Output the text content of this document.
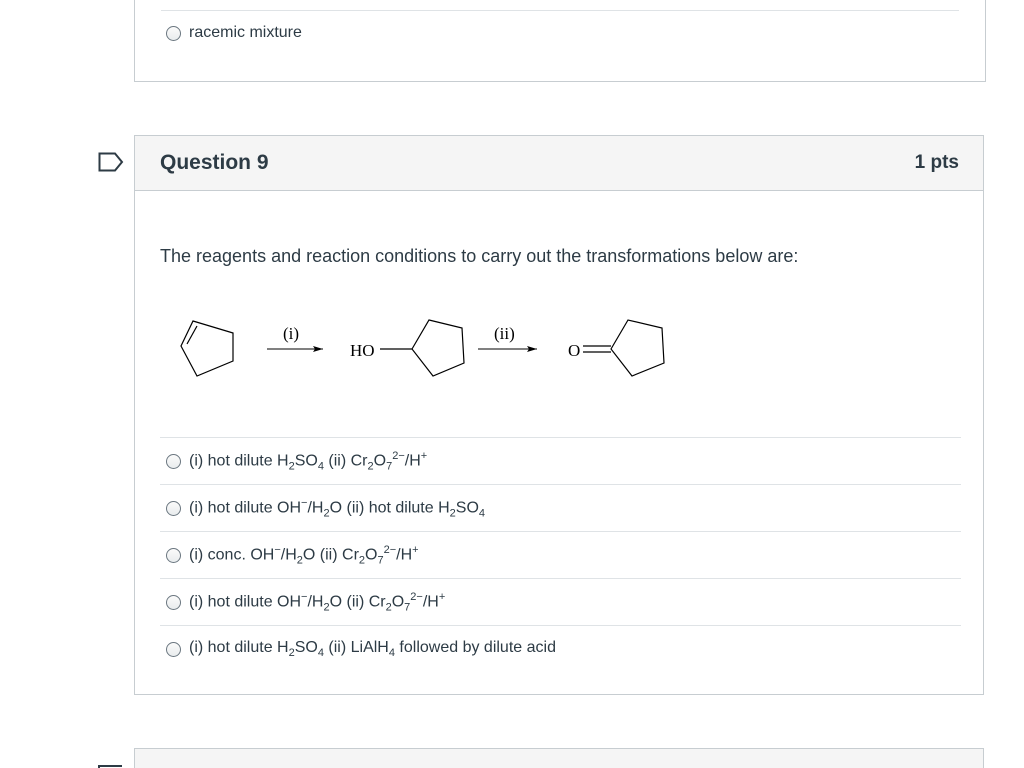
racemic mixture
Question 9	1 pts
The reagents and reaction conditions to carry out the transformations below are:
(i)
HO
(ii)
O
(i) hot dilute $H_2SO_4$ (ii) $Cr_2O_7^{2-}/H^+$
(i) hot dilute $OH^-/H_2O$ (ii) hot dilute $H_2SO_4$
(i) conc. $OH^-/H_2O$ (ii) $Cr_2O_7^{2-}/H^+$
(i) hot dilute $OH^-/H_2O$ (ii) $Cr_2O_7^{2-}/H^+$
(i) hot dilute $H_2SO_4$ (ii) LiAlH$_4$ followed by dilute acid
